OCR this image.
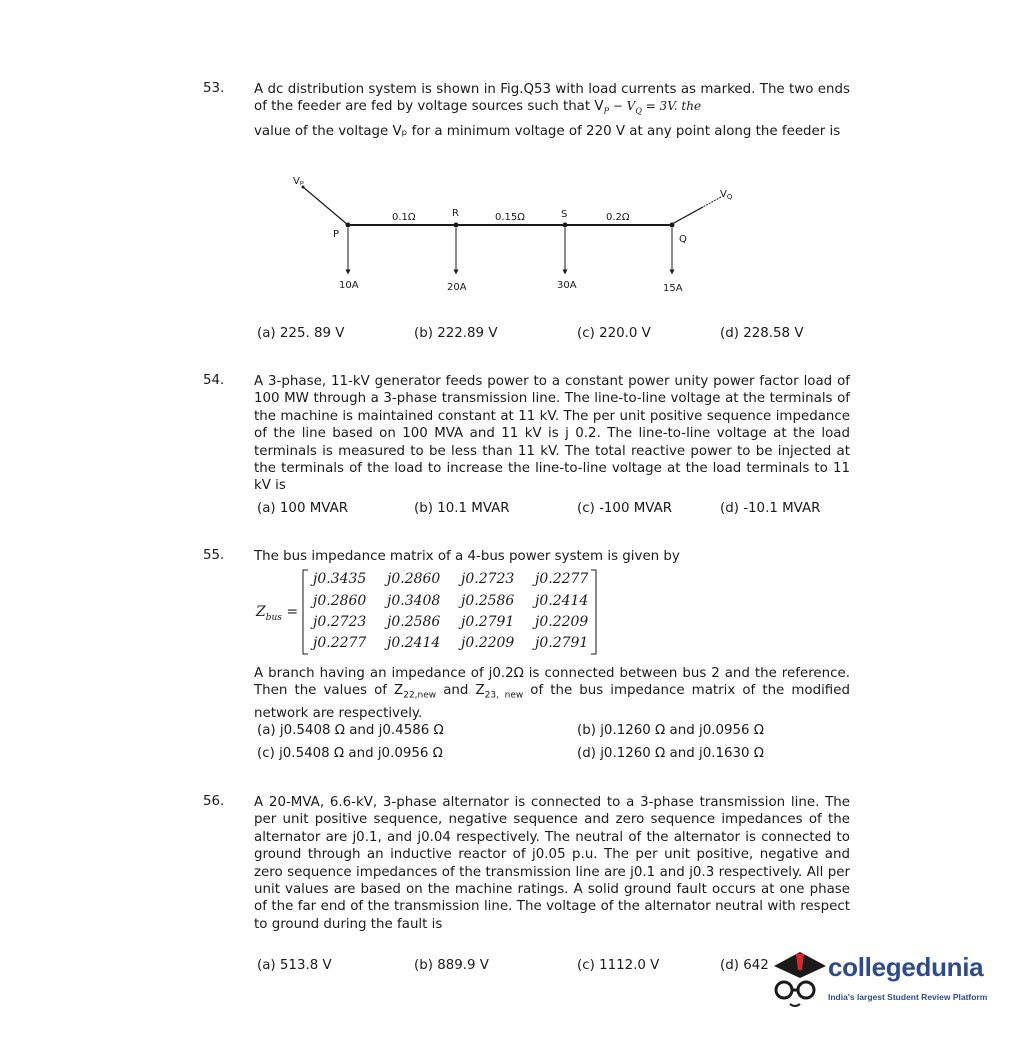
53. A dc distribution system is shown in Fig.Q53 with load currents as marked. The two ends of the feeder are fed by voltage sources such that $V_P - V_Q = 3V$. the
value of the voltage Vₚ for a minimum voltage of 220 V at any point along the feeder is
Vₚ
$V_Q$
P
R	S
Q
0.1Ω	0.15Ω	0.2Ω
10A	20A	30A	15A
(a) 225. 89 V	(b) 222.89 V	(c) 220.0 V	(d) 228.58 V
54. A 3-phase, 11-kV generator feeds power to a constant power unity power factor load of 100 MW through a 3-phase transmission line. The line-to-line voltage at the terminals of the machine is maintained constant at 11 kV. The per unit positive sequence impedance of the line based on 100 MVA and 11 kV is j 0.2. The line-to-line voltage at the load terminals is measured to be less than 11 kV. The total reactive power to be injected at the terminals of the load to increase the line-to-line voltage at the load terminals to 11 kV is

(a) 100 MVAR	(b) 10.1 MVAR	(c) -100 MVAR	(d) -10.1 MVAR
55. The bus impedance matrix of a 4-bus power system is given by
$Z_{bus}$ =
j0.3435 j0.2860 j0.2723 j0.2277
j0.2860 j0.3408 j0.2586 j0.2414
j0.2723 j0.2586 j0.2791 j0.2209
j0.2277 j0.2414 j0.2209 j0.2791
A branch having an impedance of j0.2Ω is connected between bus 2 and the reference. Then the values of $Z_{22,new}$ and $Z_{23, new}$ of the bus impedance matrix of the modified network are respectively.
(a) j0.5408 Ω and j0.4586 Ω	(b) j0.1260 Ω and j0.0956 Ω
(c) j0.5408 Ω and j0.0956 Ω	(d) j0.1260 Ω and j0.1630 Ω
56. A 20-MVA, 6.6-kV, 3-phase alternator is connected to a 3-phase transmission line. The per unit positive sequence, negative sequence and zero sequence impedances of the alternator are j0.1, and j0.04 respectively. The neutral of the alternator is connected to ground through an inductive reactor of j0.05 p.u. The per unit positive, negative and zero sequence impedances of the transmission line are j0.1 and j0.3 respectively. All per unit values are based on the machine ratings. A solid ground fault occurs at one phase of the far end of the transmission line. The voltage of the alternator neutral with respect to ground during the fault is

(a) 513.8 V	(b) 889.9 V	(c) 1112.0 V	(d) 642 collegedunia
India's largest Student Review Platform
